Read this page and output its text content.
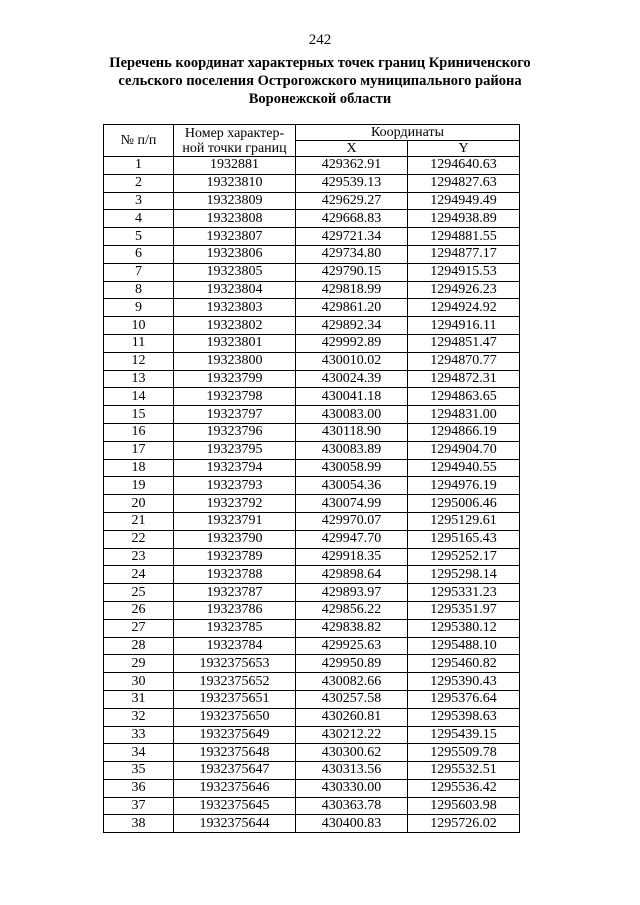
242
Перечень координат характерных точек границ Криниченского
сельского поселения Острогожского муниципального района
Воронежской области
№ п/п	Номер характер-
ной точки границ	Координаты	
		X	Y
1	1932881	429362.91	1294640.63
2	19323810	429539.13	1294827.63
3	19323809	429629.27	1294949.49
4	19323808	429668.83	1294938.89
5	19323807	429721.34	1294881.55
6	19323806	429734.80	1294877.17
7	19323805	429790.15	1294915.53
8	19323804	429818.99	1294926.23
9	19323803	429861.20	1294924.92
10	19323802	429892.34	1294916.11
11	19323801	429992.89	1294851.47
12	19323800	430010.02	1294870.77
13	19323799	430024.39	1294872.31
14	19323798	430041.18	1294863.65
15	19323797	430083.00	1294831.00
16	19323796	430118.90	1294866.19
17	19323795	430083.89	1294904.70
18	19323794	430058.99	1294940.55
19	19323793	430054.36	1294976.19
20	19323792	430074.99	1295006.46
21	19323791	429970.07	1295129.61
22	19323790	429947.70	1295165.43
23	19323789	429918.35	1295252.17
24	19323788	429898.64	1295298.14
25	19323787	429893.97	1295331.23
26	19323786	429856.22	1295351.97
27	19323785	429838.82	1295380.12
28	19323784	429925.63	1295488.10
29	1932375653	429950.89	1295460.82
30	1932375652	430082.66	1295390.43
31	1932375651	430257.58	1295376.64
32	1932375650	430260.81	1295398.63
33	1932375649	430212.22	1295439.15
34	1932375648	430300.62	1295509.78
35	1932375647	430313.56	1295532.51
36	1932375646	430330.00	1295536.42
37	1932375645	430363.78	1295603.98
38	1932375644	430400.83	1295726.02
